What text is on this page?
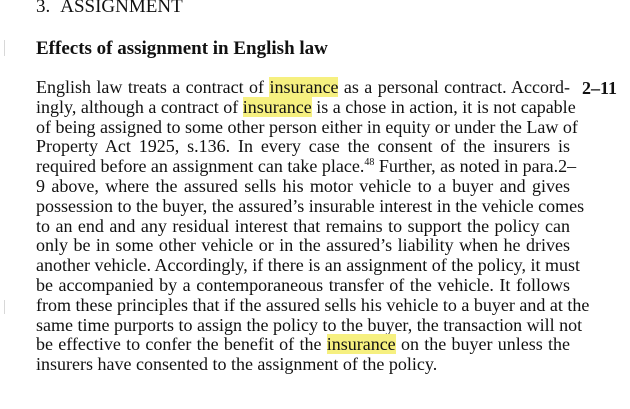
3. ASSIGNMENT
Effects of assignment in English law
2–11
English law treats a contract of insurance as a personal contract. Accord-
ingly, although a contract of insurance is a chose in action, it is not capable
of being assigned to some other person either in equity or under the Law of
Property Act 1925, s.136. In every case the consent of the insurers is
required before an assignment can take place.$^{48}$ Further, as noted in para.2–
9 above, where the assured sells his motor vehicle to a buyer and gives
possession to the buyer, the assured’s insurable interest in the vehicle comes
to an end and any residual interest that remains to support the policy can
only be in some other vehicle or in the assured’s liability when he drives
another vehicle. Accordingly, if there is an assignment of the policy, it must
be accompanied by a contemporaneous transfer of the vehicle. It follows
from these principles that if the assured sells his vehicle to a buyer and at the
same time purports to assign the policy to the buyer, the transaction will not
be effective to confer the benefit of the insurance on the buyer unless the
insurers have consented to the assignment of the policy.
